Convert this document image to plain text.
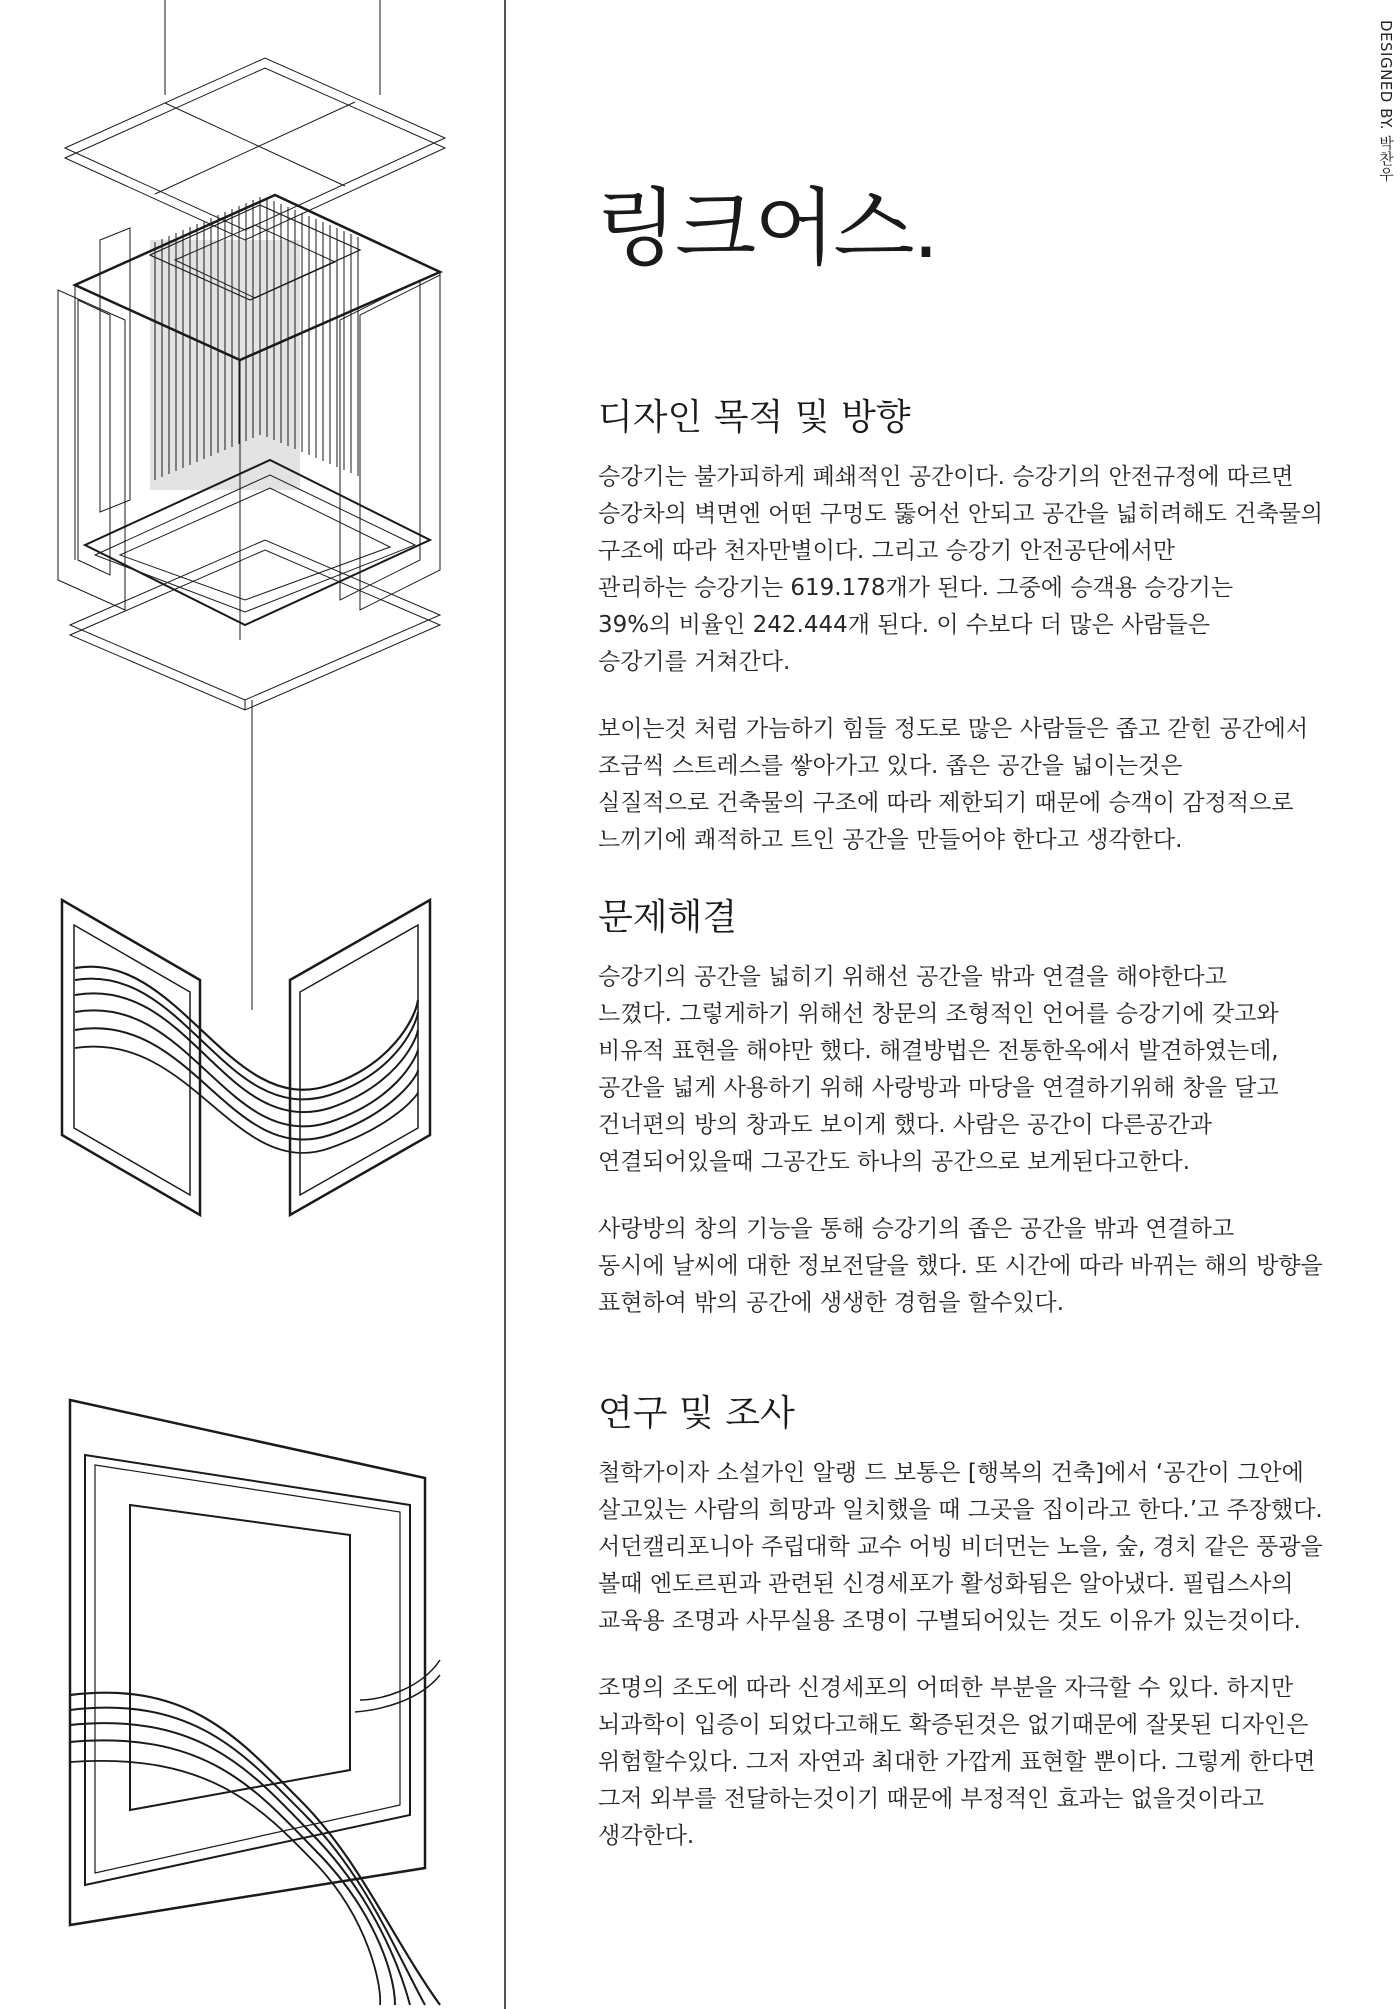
DESIGNED BY. 박찬우
링크어스.
디자인 목적 및 방향

승강기는 불가피하게 폐쇄적인 공간이다. 승강기의 안전규정에 따르면
승강차의 벽면엔 어떤 구멍도 뚫어선 안되고 공간을 넓히려해도 건축물의
구조에 따라 천자만별이다. 그리고 승강기 안전공단에서만
관리하는 승강기는 619.178개가 된다. 그중에 승객용 승강기는
39%의 비율인 242.444개 된다. 이 수보다 더 많은 사람들은
승강기를 거쳐간다.

보이는것 처럼 가늠하기 힘들 정도로 많은 사람들은 좁고 갇힌 공간에서
조금씩 스트레스를 쌓아가고 있다. 좁은 공간을 넓이는것은
실질적으로 건축물의 구조에 따라 제한되기 때문에 승객이 감정적으로
느끼기에 쾌적하고 트인 공간을 만들어야 한다고 생각한다.

문제해결

승강기의 공간을 넓히기 위해선 공간을 밖과 연결을 해야한다고
느꼈다. 그렇게하기 위해선 창문의 조형적인 언어를 승강기에 갖고와
비유적 표현을 해야만 했다. 해결방법은 전통한옥에서 발견하였는데,
공간을 넓게 사용하기 위해 사랑방과 마당을 연결하기위해 창을 달고
건너편의 방의 창과도 보이게 했다. 사람은 공간이 다른공간과
연결되어있을때 그공간도 하나의 공간으로 보게된다고한다.

사랑방의 창의 기능을 통해 승강기의 좁은 공간을 밖과 연결하고
동시에 날씨에 대한 정보전달을 했다. 또 시간에 따라 바뀌는 해의 방향을
표현하여 밖의 공간에 생생한 경험을 할수있다.

연구 및 조사

철학가이자 소설가인 알랭 드 보통은 [행복의 건축]에서 ‘공간이 그안에
살고있는 사람의 희망과 일치했을 때 그곳을 집이라고 한다.’고 주장했다.
서던캘리포니아 주립대학 교수 어빙 비더먼는 노을, 숲, 경치 같은 풍광을
볼때 엔도르핀과 관련된 신경세포가 활성화됨은 알아냈다. 필립스사의
교육용 조명과 사무실용 조명이 구별되어있는 것도 이유가 있는것이다.

조명의 조도에 따라 신경세포의 어떠한 부분을 자극할 수 있다. 하지만
뇌과학이 입증이 되었다고해도 확증된것은 없기때문에 잘못된 디자인은
위험할수있다. 그저 자연과 최대한 가깝게 표현할 뿐이다. 그렇게 한다면
그저 외부를 전달하는것이기 때문에 부정적인 효과는 없을것이라고
생각한다.
